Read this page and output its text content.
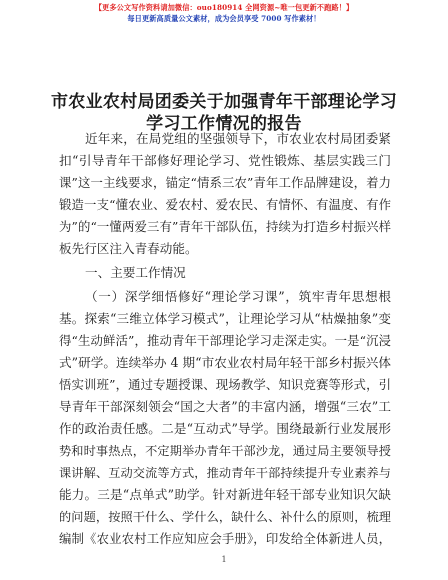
【更多公文写作资料请加微信：ouo180914 全网资源~唯一包更新不跑路！】
每日更新高质量公文素材，成为会员享受 7000 写作素材！
市农业农村局团委关于加强青年干部理论学习
学习工作情况的报告
近年来，在局党组的坚强领导下，市农业农村局团委紧
扣“引导青年干部修好理论学习、党性锻炼、基层实践三门
课”这一主线要求，锚定“情系三农”青年工作品牌建设，着力
锻造一支“懂农业、爱农村、爱农民、有情怀、有温度、有作
为”的“一懂两爱三有”青年干部队伍，持续为打造乡村振兴样
板先行区注入青春动能。
一、主要工作情况
（一）深学细悟修好“理论学习课”，筑牢青年思想根
基。探索“三维立体学习模式”，让理论学习从“枯燥抽象”变
得“生动鲜活”，推动青年干部理论学习走深走实。一是“沉浸
式”研学。连续举办 4 期“市农业农村局年轻干部乡村振兴体
悟实训班”，通过专题授课、现场教学、知识竞赛等形式，引
导青年干部深刻领会“国之大者”的丰富内涵，增强“三农”工
作的政治责任感。二是“互动式”导学。围绕最新行业发展形
势和时事热点，不定期举办青年干部沙龙，通过局主要领导授
课讲解、互动交流等方式，推动青年干部持续提升专业素养与
能力。三是“点单式”助学。针对新进年轻干部专业知识欠缺
的问题，按照干什么、学什么，缺什么、补什么的原则，梳理
编制《农业农村工作应知应会手册》，印发给全体新进人员，
1
